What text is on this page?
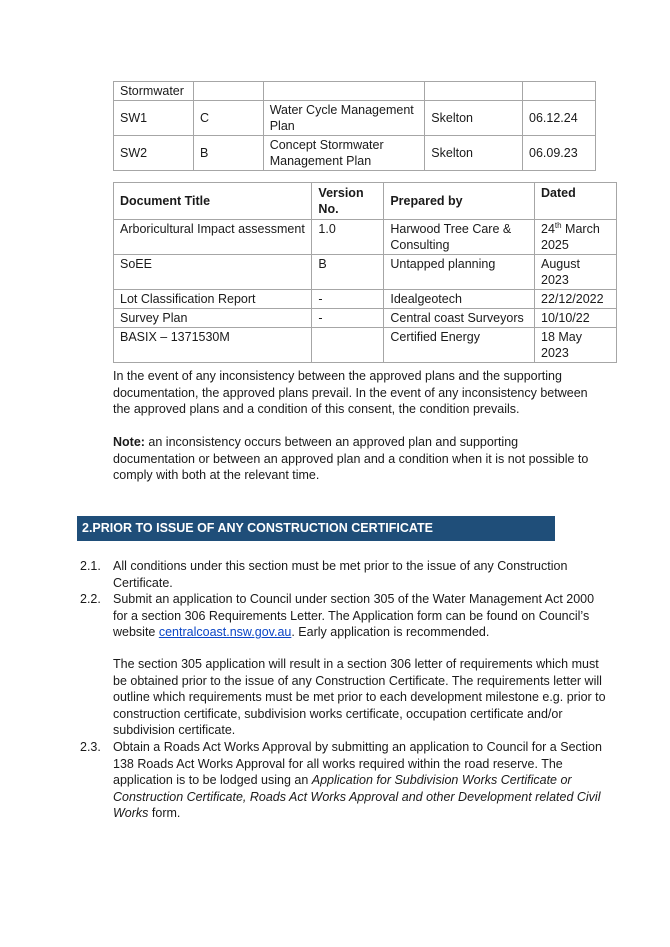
Stormwater				
SW1	C	Water Cycle Management Plan	Skelton	06.12.24
SW2	B	Concept Stormwater Management Plan	Skelton	06.09.23
Document Title	Version No.	Prepared by	Dated
Arboricultural Impact assessment	1.0	Harwood Tree Care & Consulting	24th March 2025
SoEE	B	Untapped planning	August 2023
Lot Classification Report	-	Idealgeotech	22/12/2022
Survey Plan	-	Central coast Surveyors	10/10/22
BASIX – 1371530M		Certified Energy	18 May 2023

In the event of any inconsistency between the approved plans and the supporting documentation, the approved plans prevail. In the event of any inconsistency between the approved plans and a condition of this consent, the condition prevails.

Note: an inconsistency occurs between an approved plan and supporting documentation or between an approved plan and a condition when it is not possible to comply with both at the relevant time.

2.PRIOR TO ISSUE OF ANY CONSTRUCTION CERTIFICATE
2.1. All conditions under this section must be met prior to the issue of any Construction Certificate.
2.2. Submit an application to Council under section 305 of the Water Management Act 2000 for a section 306 Requirements Letter. The Application form can be found on Council’s website centralcoast.nsw.gov.au. Early application is recommended.
The section 305 application will result in a section 306 letter of requirements which must be obtained prior to the issue of any Construction Certificate. The requirements letter will outline which requirements must be met prior to each development milestone e.g. prior to construction certificate, subdivision works certificate, occupation certificate and/or subdivision certificate.
2.3. Obtain a Roads Act Works Approval by submitting an application to Council for a Section 138 Roads Act Works Approval for all works required within the road reserve. The application is to be lodged using an Application for Subdivision Works Certificate or Construction Certificate, Roads Act Works Approval and other Development related Civil Works form.
